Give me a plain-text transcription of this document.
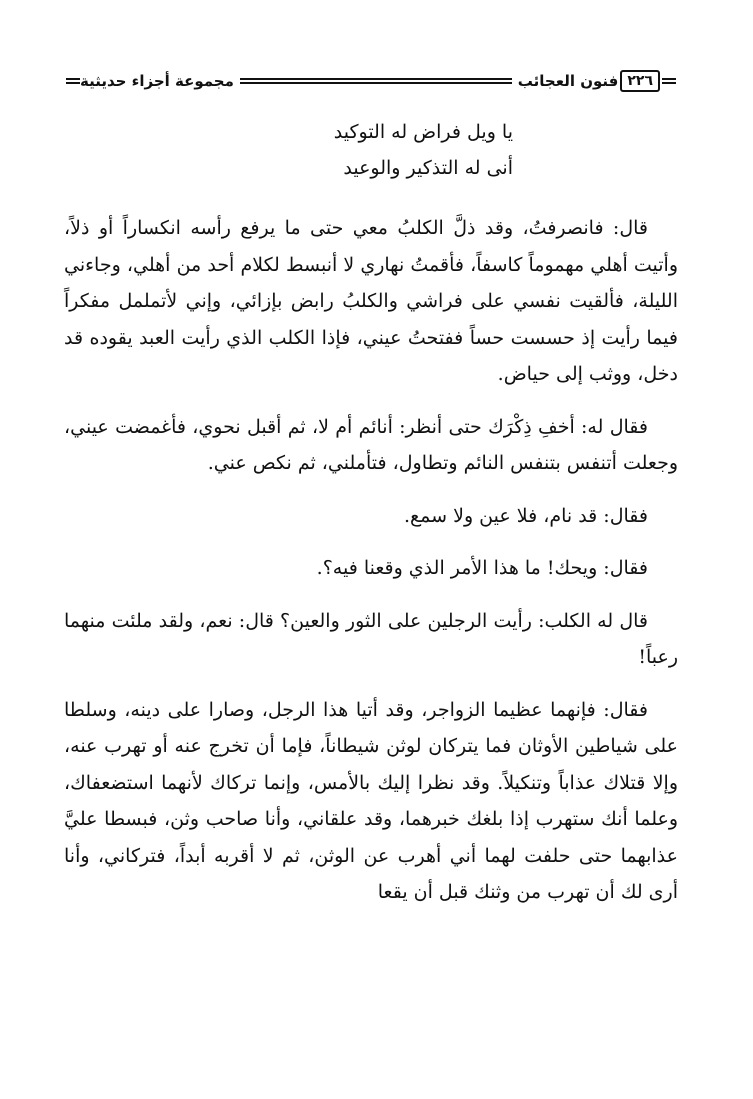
٢٢٦
فنون العجائب
مجموعة أجزاء حديثية
يا ويل فراض له التوكيد
أنى له التذكير والوعيد

قال: فانصرفتُ، وقد ذلَّ الكلبُ معي حتى ما يرفع رأسه انكساراً أو ذلاً، وأتيت أهلي مهموماً كاسفاً، فأقمتُ نهاري لا أنبسط لكلام أحد من أهلي، وجاءني الليلة، فألقيت نفسي على فراشي والكلبُ رابض بإزائي، وإني لأتململ مفكراً فيما رأيت إذ حسست حساً ففتحتُ عيني، فإذا الكلب الذي رأيت العبد يقوده قد دخل، ووثب إلى حياض.

فقال له: أخفِ ذِكْرَك حتى أنظر: أنائم أم لا، ثم أقبل نحوي، فأغمضت عيني، وجعلت أتنفس بتنفس النائم وتطاول، فتأملني، ثم نكص عني.

فقال: قد نام، فلا عين ولا سمع.

فقال: ويحك! ما هذا الأمر الذي وقعنا فيه؟.

قال له الكلب: رأيت الرجلين على الثور والعين؟ قال: نعم، ولقد ملئت منهما رعباً!

فقال: فإنهما عظيما الزواجر، وقد أتيا هذا الرجل، وصارا على دينه، وسلطا على شياطين الأوثان فما يتركان لوثن شيطاناً، فإما أن تخرج عنه أو تهرب عنه، وإلا قتلاك عذاباً وتنكيلاً. وقد نظرا إليك بالأمس، وإنما تركاك لأنهما استضعفاك، وعلما أنك ستهرب إذا بلغك خبرهما، وقد علقاني، وأنا صاحب وثن، فبسطا عليَّ عذابهما حتى حلفت لهما أني أهرب عن الوثن، ثم لا أقربه أبداً، فتركاني، وأنا أرى لك أن تهرب من وثنك قبل أن يقعا
